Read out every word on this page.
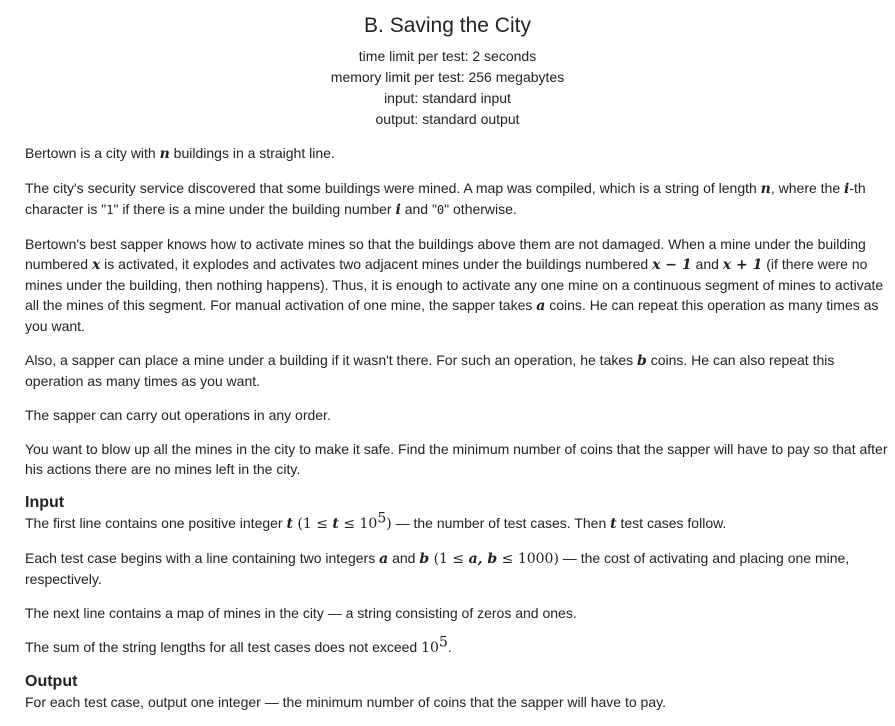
B. Saving the City
time limit per test: 2 seconds
memory limit per test: 256 megabytes
input: standard input
output: standard output

Bertown is a city with n buildings in a straight line.

The city's security service discovered that some buildings were mined. A map was compiled, which is a string of length n, where the i-th character is "1" if there is a mine under the building number i and "0" otherwise.

Bertown's best sapper knows how to activate mines so that the buildings above them are not damaged. When a mine under the building numbered x is activated, it explodes and activates two adjacent mines under the buildings numbered x − 1 and x + 1 (if there were no mines under the building, then nothing happens). Thus, it is enough to activate any one mine on a continuous segment of mines to activate all the mines of this segment. For manual activation of one mine, the sapper takes a coins. He can repeat this operation as many times as you want.

Also, a sapper can place a mine under a building if it wasn't there. For such an operation, he takes b coins. He can also repeat this operation as many times as you want.

The sapper can carry out operations in any order.

You want to blow up all the mines in the city to make it safe. Find the minimum number of coins that the sapper will have to pay so that after his actions there are no mines left in the city.

Input

The first line contains one positive integer t $(1 \le t \le 10^5)$ — the number of test cases. Then t test cases follow.

Each test case begins with a line containing two integers a and b (1 ≤ a, b ≤ 1000) — the cost of activating and placing one mine, respectively.

The next line contains a map of mines in the city — a string consisting of zeros and ones.

The sum of the string lengths for all test cases does not exceed $10^5$.

Output

For each test case, output one integer — the minimum number of coins that the sapper will have to pay.
